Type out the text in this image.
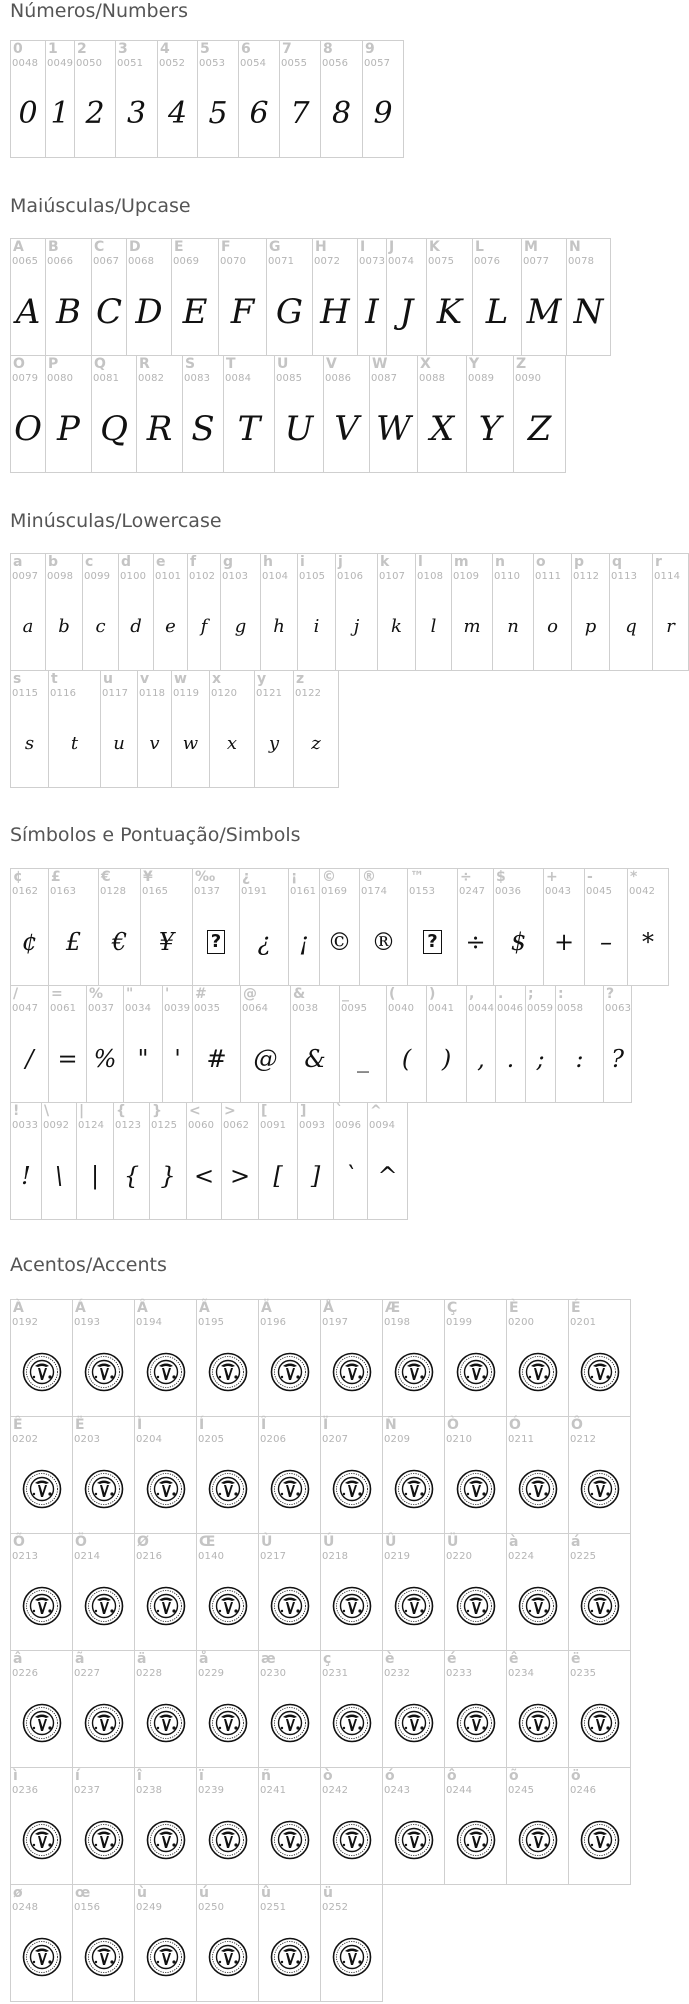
Números/Numbers
0
0048
0
1
0049
1
2
0050
2
3
0051
3
4
0052
4
5
0053
5
6
0054
6
7
0055
7
8
0056
8
9
0057
9
Maiúsculas/Upcase
A
0065
A
B
0066
B
C
0067
C
D
0068
D
E
0069
E
F
0070
F
G
0071
G
H
0072
H
I
0073
I
J
0074
J
K
0075
K
L
0076
L
M
0077
M
N
0078
N
O
0079
O
P
0080
P
Q
0081
Q
R
0082
R
S
0083
S
T
0084
T
U
0085
U
V
0086
V
W
0087
W
X
0088
X
Y
0089
Y
Z
0090
Z
Minúsculas/Lowercase
a
0097
a
b
0098
b
c
0099
c
d
0100
d
e
0101
e
f
0102
f
g
0103
g
h
0104
h
i
0105
i
j
0106
j
k
0107
k
l
0108
l
m
0109
m
n
0110
n
o
0111
o
p
0112
p
q
0113
q
r
0114
r
s
0115
s
t
0116
t
u
0117
u
v
0118
v
w
0119
w
x
0120
x
y
0121
y
z
0122
z
Símbolos e Pontuação/Simbols
¢
0162
¢
£
0163
£
€
0128
€
¥
0165
¥
‰
0137
?
¿
0191
¿
¡
0161
¡
©
0169
©
®
0174
®
™
0153
?
÷
0247
÷
$
0036
$
+
0043
+
-
0045
–
*
0042
*
/
0047
/
=
0061
=
%
0037
%
"
0034
"
'
0039
'
#
0035
#
@
0064
@
&
0038
&
_
0095
_
(
0040
(
)
0041
)
,
0044
,
.
0046
.
;
0059
;
:
0058
:
?
0063
?
!
0033
!
\
0092
\
|
0124
|
{
0123
{
}
0125
}
<
0060
<
>
0062
>
[
0091
[
]
0093
]
`
0096
`
^
0094
^
Acentos/Accents
À
0192
Á
0193
Â
0194
Ã
0195
Ä
0196
Å
0197
Æ
0198
Ç
0199
È
0200
É
0201
Ê
0202
Ë
0203
Ì
0204
Í
0205
Î
0206
Ï
0207
Ñ
0209
Ò
0210
Ó
0211
Ô
0212
Õ
0213
Ö
0214
Ø
0216
Œ
0140
Ù
0217
Ú
0218
Û
0219
Ü
0220
à
0224
á
0225
â
0226
ã
0227
ä
0228
å
0229
æ
0230
ç
0231
è
0232
é
0233
ê
0234
ë
0235
ì
0236
í
0237
î
0238
ï
0239
ñ
0241
ò
0242
ó
0243
ô
0244
õ
0245
ö
0246
ø
0248
œ
0156
ù
0249
ú
0250
û
0251
ü
0252
